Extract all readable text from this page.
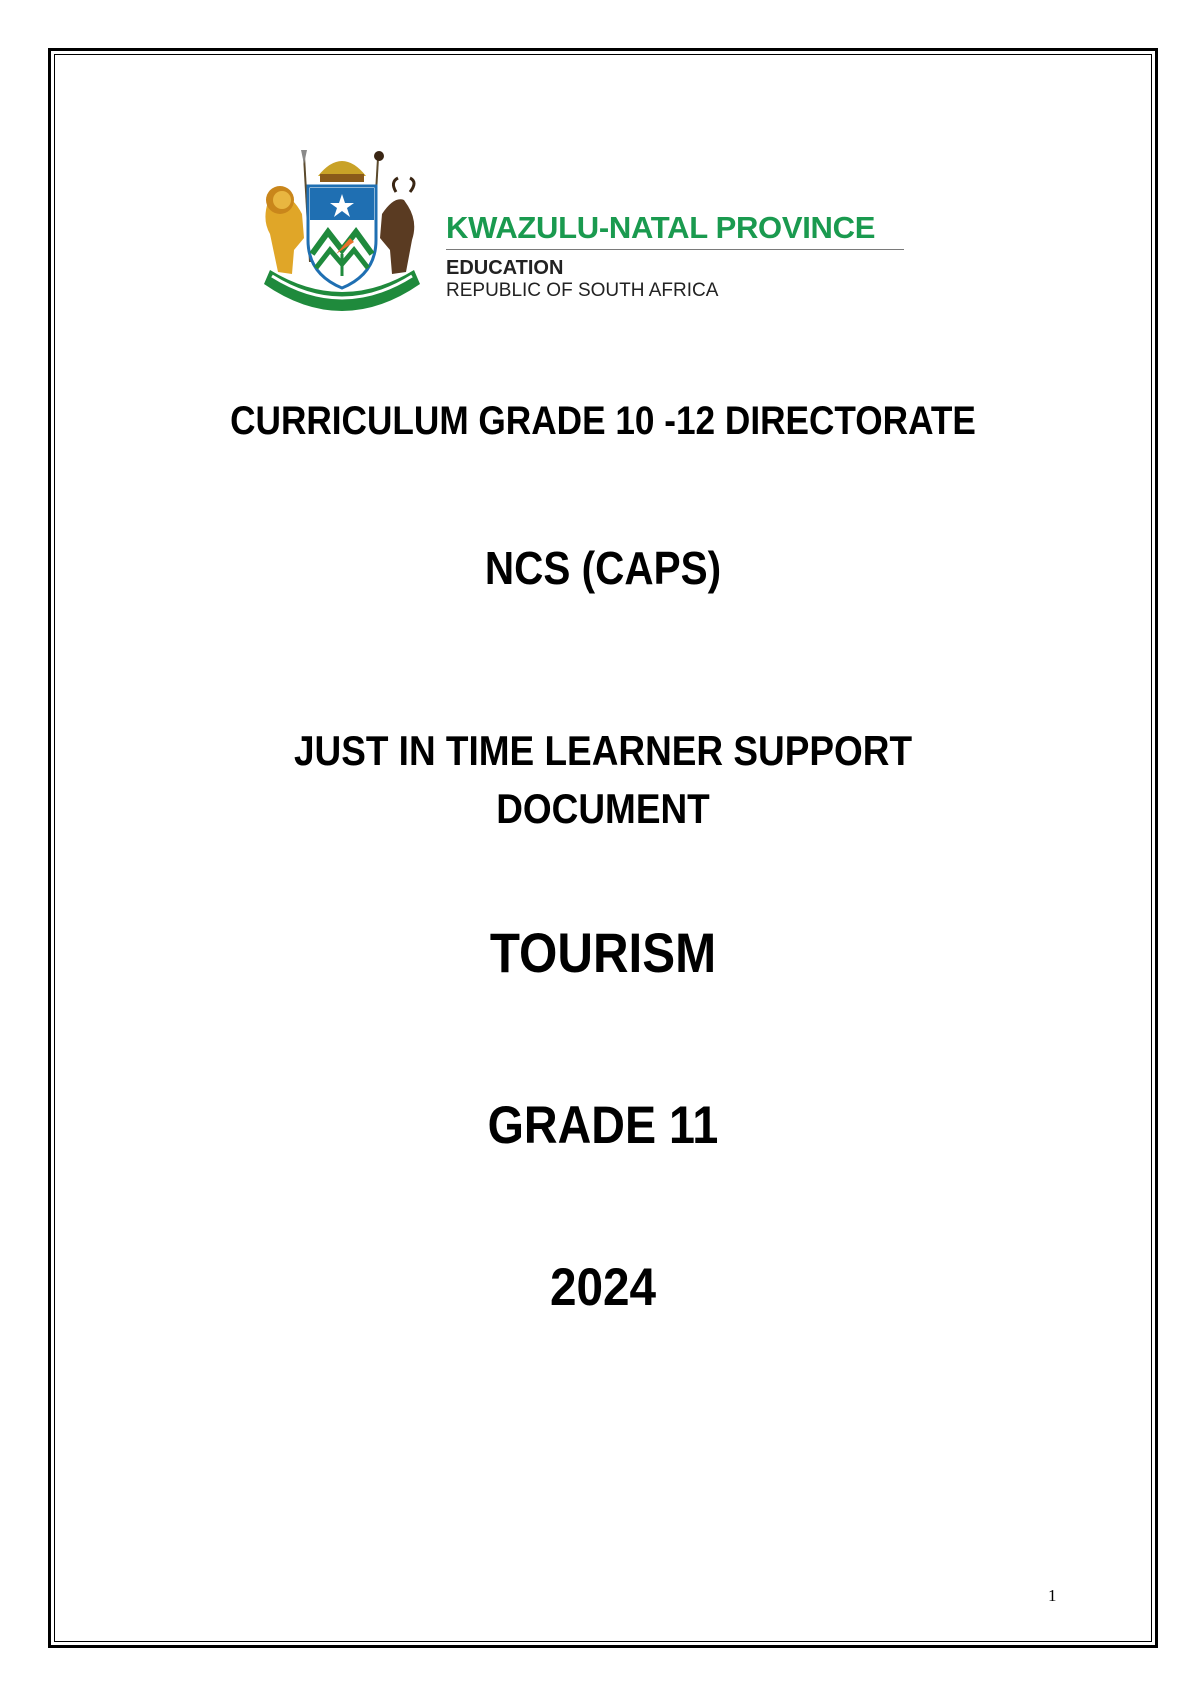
KWAZULU-NATAL PROVINCE
EDUCATION
REPUBLIC OF SOUTH AFRICA
CURRICULUM GRADE 10 -12 DIRECTORATE
NCS (CAPS)
JUST IN TIME LEARNER SUPPORT
DOCUMENT
TOURISM
GRADE 11
2024
1
